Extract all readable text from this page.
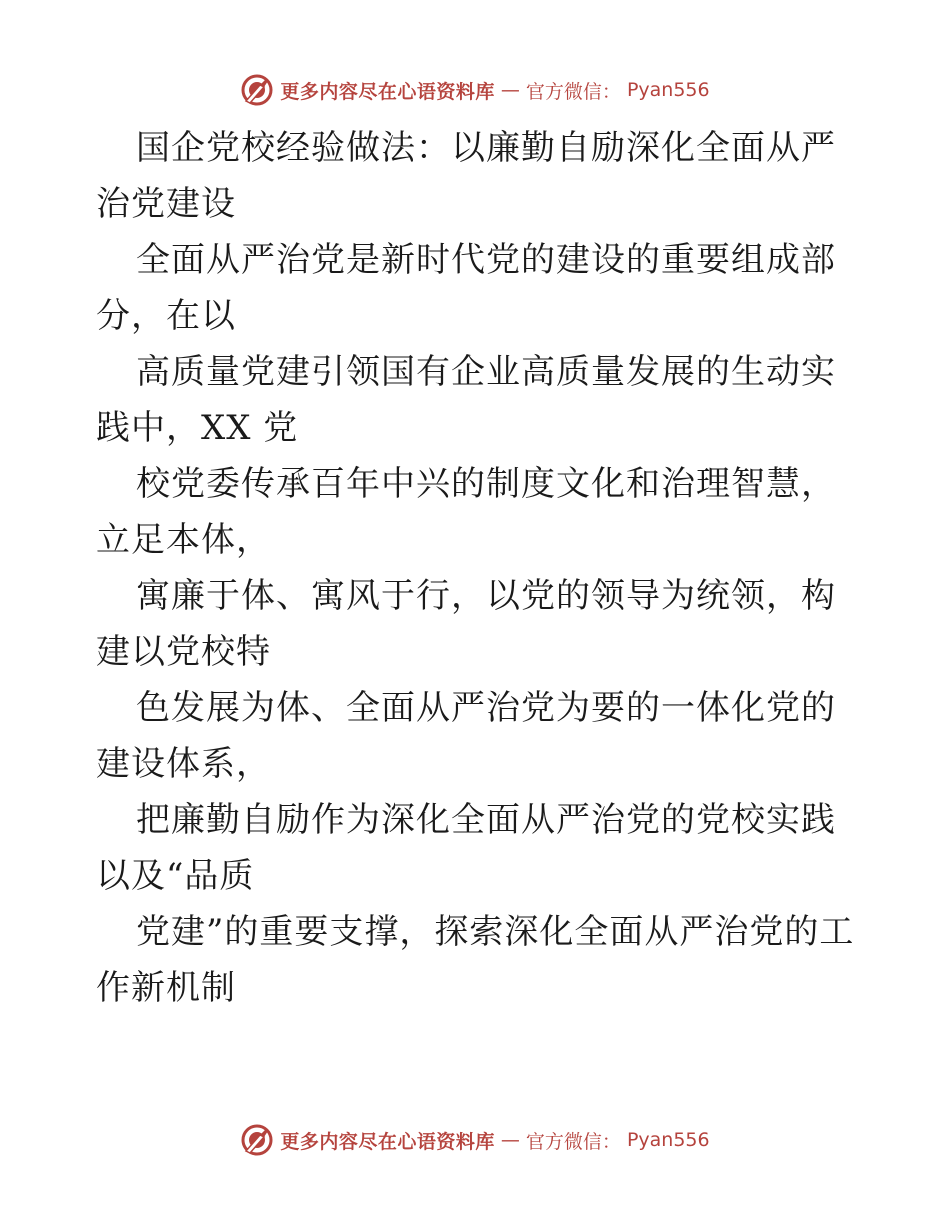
更多内容尽在心语资料库 — 官方微信： Pyan556

国企党校经验做法：以廉勤自励深化全面从严治党建设

全面从严治党是新时代党的建设的重要组成部分，在以

高质量党建引领国有企业高质量发展的生动实践中，XX 党

校党委传承百年中兴的制度文化和治理智慧，立足本体，

寓廉于体、寓风于行，以党的领导为统领，构建以党校特

色发展为体、全面从严治党为要的一体化党的建设体系，

把廉勤自励作为深化全面从严治党的党校实践以及“品质

党建”的重要支撑，探索深化全面从严治党的工作新机制

更多内容尽在心语资料库 — 官方微信： Pyan556
